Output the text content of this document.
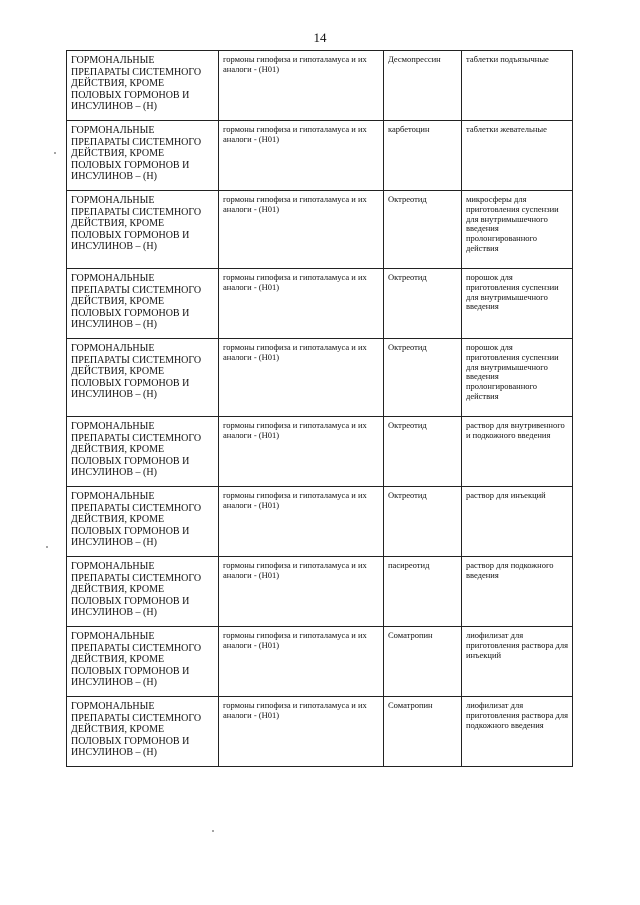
14
ГОРМОНАЛЬНЫЕ ПРЕПАРАТЫ СИСТЕМНОГО ДЕЙСТВИЯ, КРОМЕ ПОЛОВЫХ ГОРМОНОВ И ИНСУЛИНОВ – (H)	гормоны гипофиза и гипоталамуса и их аналоги - (H01)	Десмопрессин	таблетки подъязычные
ГОРМОНАЛЬНЫЕ ПРЕПАРАТЫ СИСТЕМНОГО ДЕЙСТВИЯ, КРОМЕ ПОЛОВЫХ ГОРМОНОВ И ИНСУЛИНОВ – (H)	гормоны гипофиза и гипоталамуса и их аналоги - (H01)	карбетоцин	таблетки жевательные
ГОРМОНАЛЬНЫЕ ПРЕПАРАТЫ СИСТЕМНОГО ДЕЙСТВИЯ, КРОМЕ ПОЛОВЫХ ГОРМОНОВ И ИНСУЛИНОВ – (H)	гормоны гипофиза и гипоталамуса и их аналоги - (H01)	Октреотид	микросферы для приготовления суспензии для внутримышечного введения пролонгированного действия
ГОРМОНАЛЬНЫЕ ПРЕПАРАТЫ СИСТЕМНОГО ДЕЙСТВИЯ, КРОМЕ ПОЛОВЫХ ГОРМОНОВ И ИНСУЛИНОВ – (H)	гормоны гипофиза и гипоталамуса и их аналоги - (H01)	Октреотид	порошок для приготовления суспензии для внутримышечного введения
ГОРМОНАЛЬНЫЕ ПРЕПАРАТЫ СИСТЕМНОГО ДЕЙСТВИЯ, КРОМЕ ПОЛОВЫХ ГОРМОНОВ И ИНСУЛИНОВ – (H)	гормоны гипофиза и гипоталамуса и их аналоги - (H01)	Октреотид	порошок для приготовления суспензии для внутримышечного введения пролонгированного действия
ГОРМОНАЛЬНЫЕ ПРЕПАРАТЫ СИСТЕМНОГО ДЕЙСТВИЯ, КРОМЕ ПОЛОВЫХ ГОРМОНОВ И ИНСУЛИНОВ – (H)	гормоны гипофиза и гипоталамуса и их аналоги - (H01)	Октреотид	раствор для внутривенного и подкожного введения
ГОРМОНАЛЬНЫЕ ПРЕПАРАТЫ СИСТЕМНОГО ДЕЙСТВИЯ, КРОМЕ ПОЛОВЫХ ГОРМОНОВ И ИНСУЛИНОВ – (H)	гормоны гипофиза и гипоталамуса и их аналоги - (H01)	Октреотид	раствор для инъекций
ГОРМОНАЛЬНЫЕ ПРЕПАРАТЫ СИСТЕМНОГО ДЕЙСТВИЯ, КРОМЕ ПОЛОВЫХ ГОРМОНОВ И ИНСУЛИНОВ – (H)	гормоны гипофиза и гипоталамуса и их аналоги - (H01)	пасиреотид	раствор для подкожного введения
ГОРМОНАЛЬНЫЕ ПРЕПАРАТЫ СИСТЕМНОГО ДЕЙСТВИЯ, КРОМЕ ПОЛОВЫХ ГОРМОНОВ И ИНСУЛИНОВ – (H)	гормоны гипофиза и гипоталамуса и их аналоги - (H01)	Соматропин	лиофилизат для приготовления раствора для инъекций
ГОРМОНАЛЬНЫЕ ПРЕПАРАТЫ СИСТЕМНОГО ДЕЙСТВИЯ, КРОМЕ ПОЛОВЫХ ГОРМОНОВ И ИНСУЛИНОВ – (H)	гормоны гипофиза и гипоталамуса и их аналоги - (H01)	Соматропин	лиофилизат для приготовления раствора для подкожного введения
